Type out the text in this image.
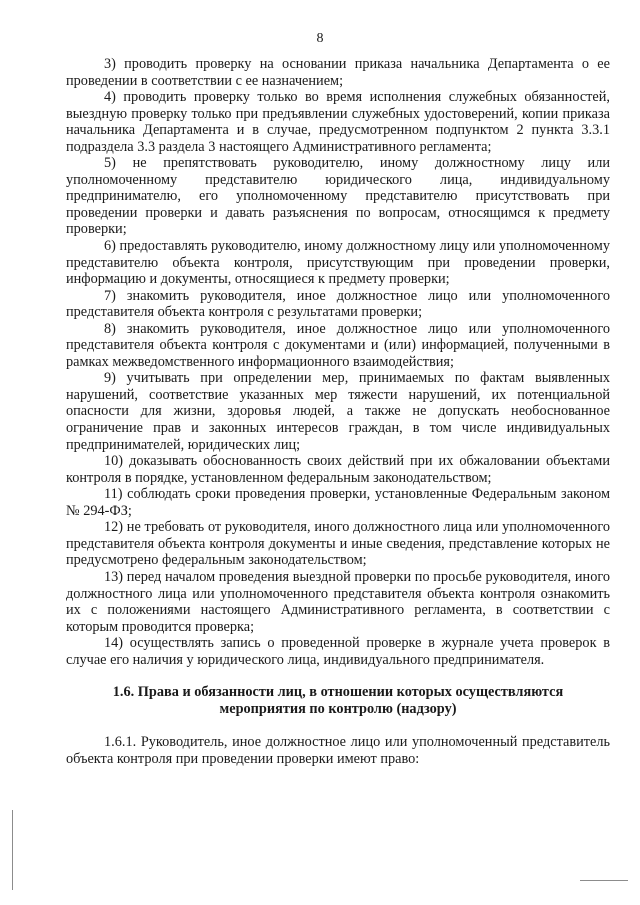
8

3) проводить проверку на основании приказа начальника Департамента о ее проведении в соответствии с ее назначением;

4) проводить проверку только во время исполнения служебных обязанностей, выездную проверку только при предъявлении служебных удостоверений, копии приказа начальника Департамента и в случае, предусмотренном подпунктом 2 пункта 3.3.1 подраздела 3.3 раздела 3 настоящего Административного регламента;

5) не препятствовать руководителю, иному должностному лицу или уполномоченному представителю юридического лица, индивидуальному предпринимателю, его уполномоченному представителю присутствовать при проведении проверки и давать разъяснения по вопросам, относящимся к предмету проверки;

6) предоставлять руководителю, иному должностному лицу или уполномоченному представителю объекта контроля, присутствующим при проведении проверки, информацию и документы, относящиеся к предмету проверки;

7) знакомить руководителя, иное должностное лицо или уполномоченного представителя объекта контроля с результатами проверки;

8) знакомить руководителя, иное должностное лицо или уполномоченного представителя объекта контроля с документами и (или) информацией, полученными в рамках межведомственного информационного взаимодействия;

9) учитывать при определении мер, принимаемых по фактам выявленных нарушений, соответствие указанных мер тяжести нарушений, их потенциальной опасности для жизни, здоровья людей, а также не допускать необоснованное ограничение прав и законных интересов граждан, в том числе индивидуальных предпринимателей, юридических лиц;

10) доказывать обоснованность своих действий при их обжаловании объектами контроля в порядке, установленном федеральным законодательством;

11) соблюдать сроки проведения проверки, установленные Федеральным законом № 294-ФЗ;

12) не требовать от руководителя, иного должностного лица или уполномоченного представителя объекта контроля документы и иные сведения, представление которых не предусмотрено федеральным законодательством;

13) перед началом проведения выездной проверки по просьбе руководителя, иного должностного лица или уполномоченного представителя объекта контроля ознакомить их с положениями настоящего Административного регламента, в соответствии с которым проводится проверка;

14) осуществлять запись о проведенной проверке в журнале учета проверок в случае его наличия у юридического лица, индивидуального предпринимателя.

1.6. Права и обязанности лиц, в отношении которых осуществляются
мероприятия по контролю (надзору)

1.6.1. Руководитель, иное должностное лицо или уполномоченный представитель объекта контроля при проведении проверки имеют право:
